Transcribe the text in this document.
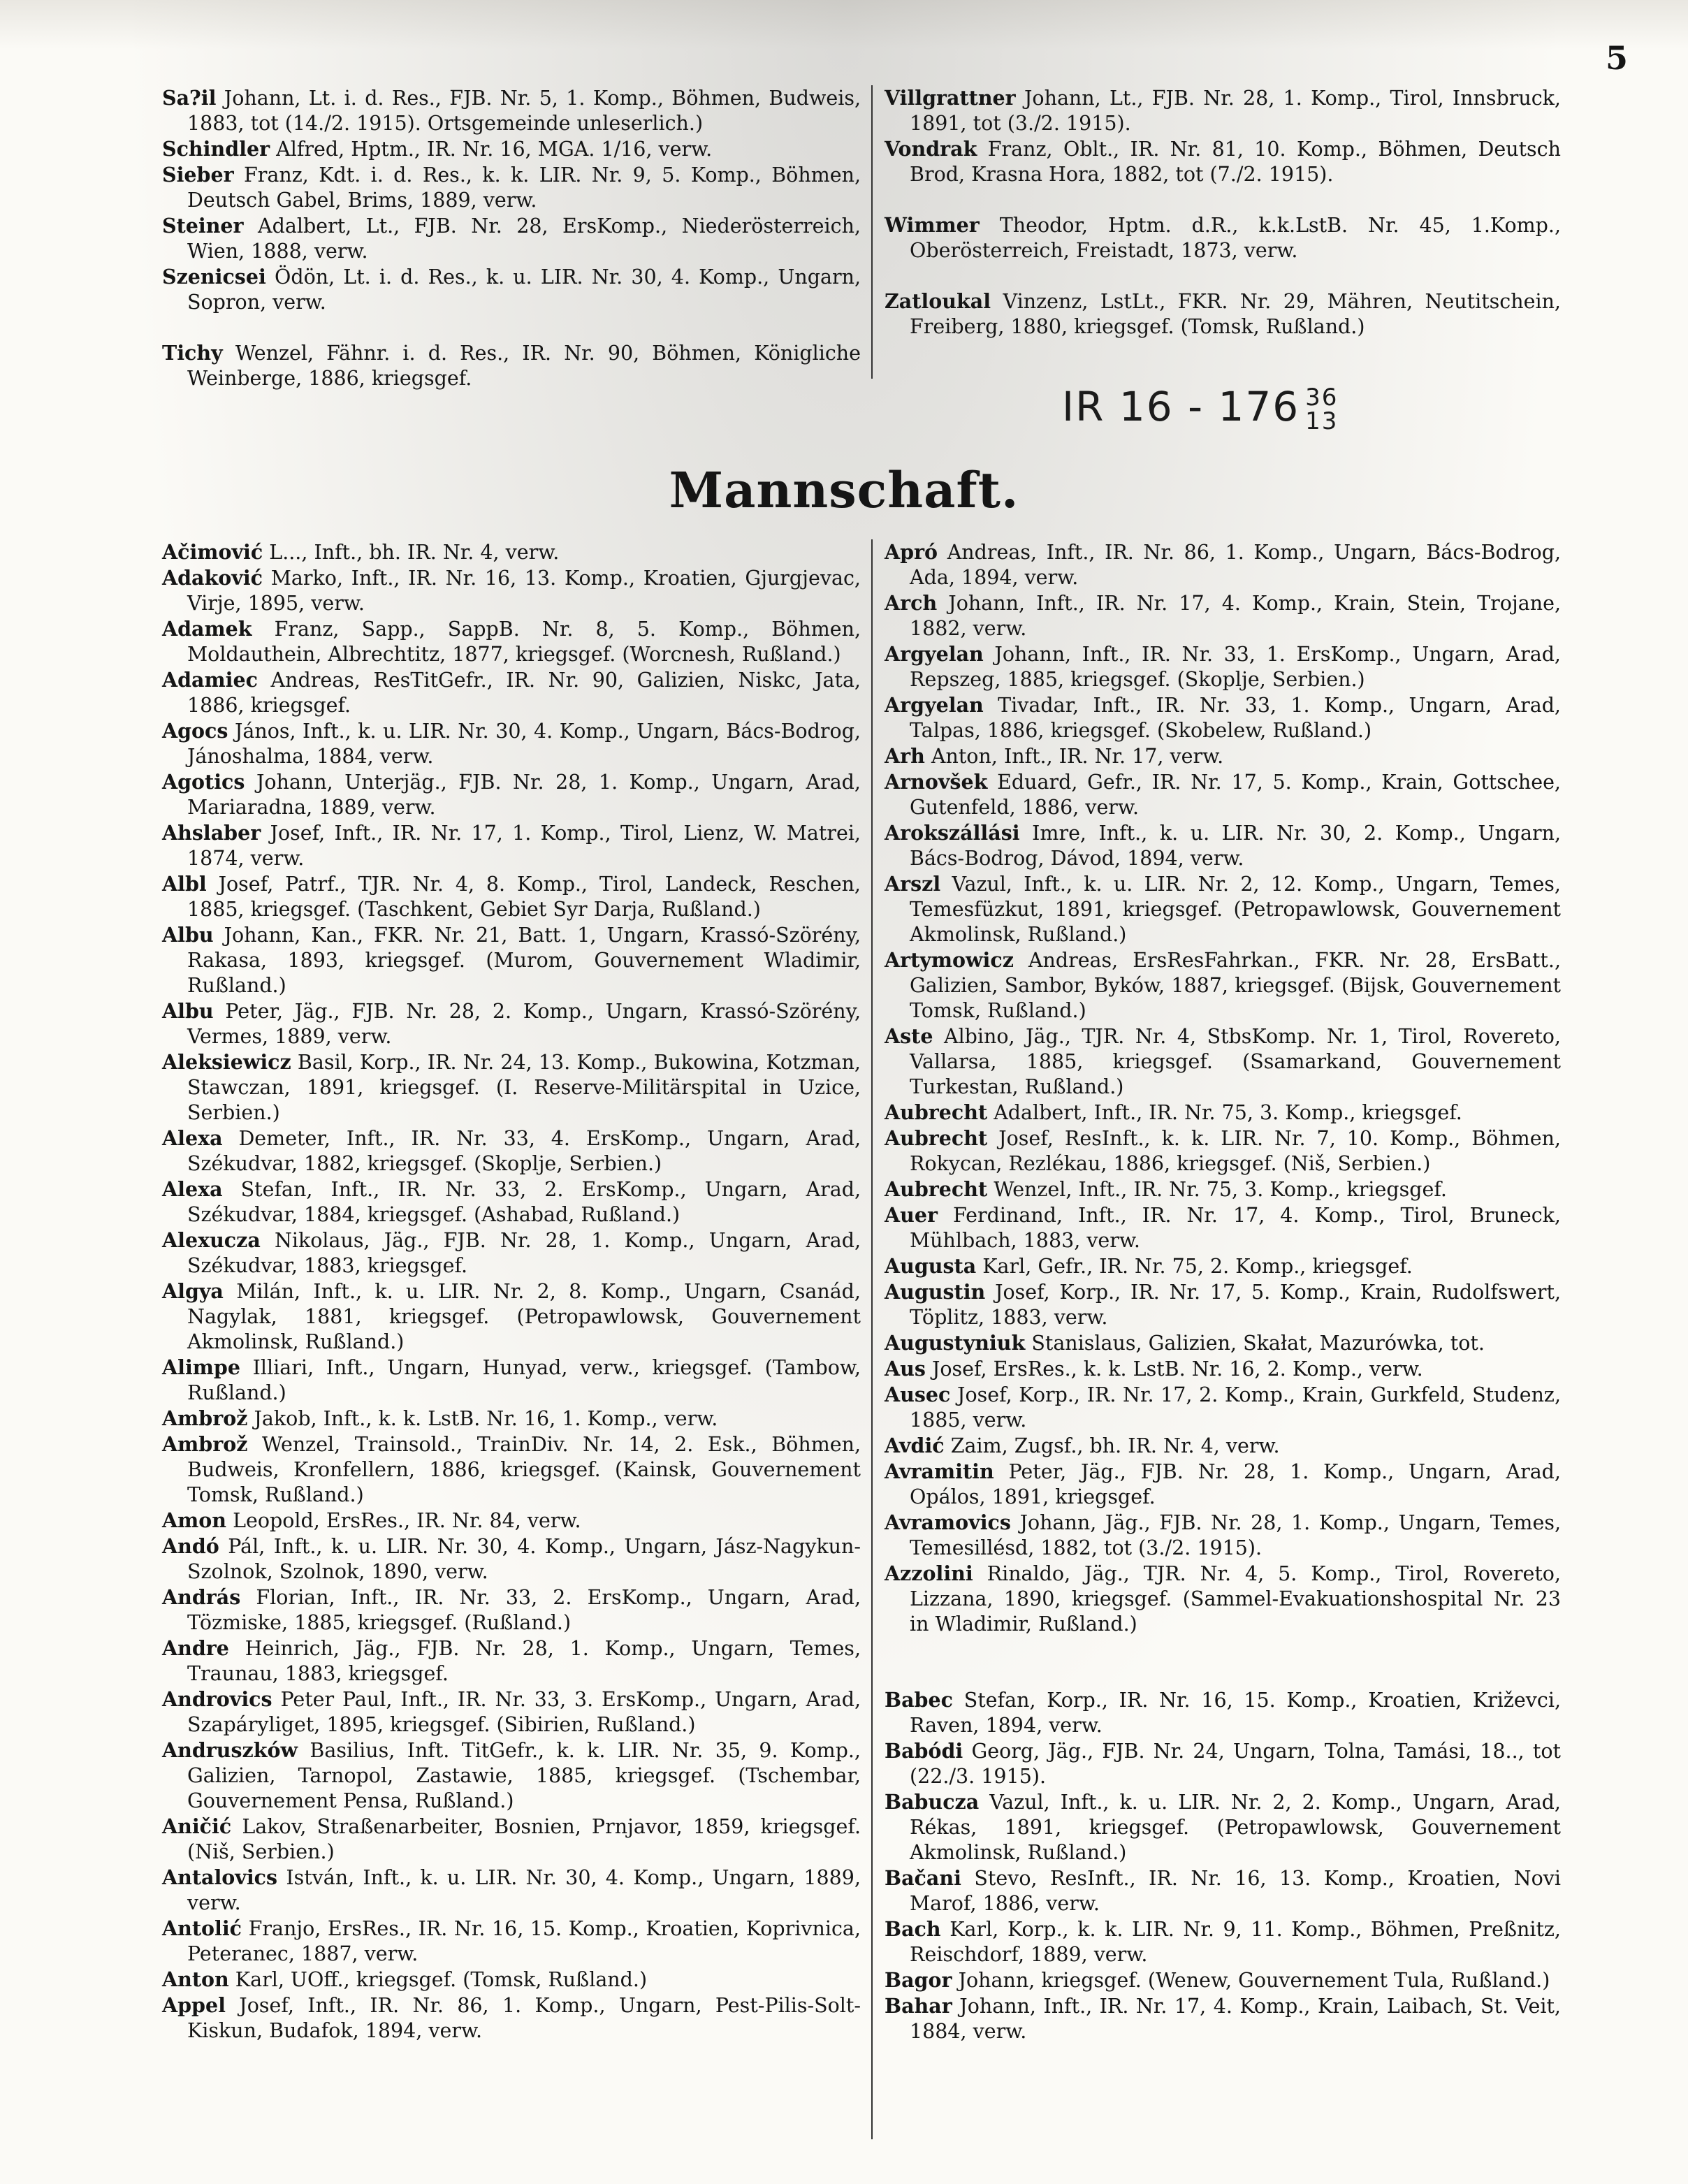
5
Sa?il Johann, Lt. i. d. Res., FJB. Nr. 5, 1. Komp., Böhmen, Budweis, 1883, tot (14./2. 1915). Ortsgemeinde unleserlich.)
Schindler Alfred, Hptm., IR. Nr. 16, MGA. 1/16, verw.
Sieber Franz, Kdt. i. d. Res., k. k. LIR. Nr. 9, 5. Komp., Böhmen, Deutsch Gabel, Brims, 1889, verw.
Steiner Adalbert, Lt., FJB. Nr. 28, ErsKomp., Niederösterreich, Wien, 1888, verw.
Szenicsei Ödön, Lt. i. d. Res., k. u. LIR. Nr. 30, 4. Komp., Ungarn, Sopron, verw.
Tichy Wenzel, Fähnr. i. d. Res., IR. Nr. 90, Böhmen, Königliche Weinberge, 1886, kriegsgef.
Villgrattner Johann, Lt., FJB. Nr. 28, 1. Komp., Tirol, Innsbruck, 1891, tot (3./2. 1915).
Vondrak Franz, Oblt., IR. Nr. 81, 10. Komp., Böhmen, Deutsch Brod, Krasna Hora, 1882, tot (7./2. 1915).
Wimmer Theodor, Hptm. d.R., k.k.LstB. Nr. 45, 1.Komp., Oberösterreich, Freistadt, 1873, verw.
Zatloukal Vinzenz, LstLt., FKR. Nr. 29, Mähren, Neutitschein, Freiberg, 1880, kriegsgef. (Tomsk, Rußland.)
IR 16 - 176 36
13
Mannschaft.
Ačimović L..., Inft., bh. IR. Nr. 4, verw.
Adaković Marko, Inft., IR. Nr. 16, 13. Komp., Kroatien, Gjurgjevac, Virje, 1895, verw.
Adamek Franz, Sapp., SappB. Nr. 8, 5. Komp., Böhmen, Moldauthein, Albrechtitz, 1877, kriegsgef. (Worcnesh, Rußland.)
Adamiec Andreas, ResTitGefr., IR. Nr. 90, Galizien, Niskc, Jata, 1886, kriegsgef.
Agocs János, Inft., k. u. LIR. Nr. 30, 4. Komp., Ungarn, Bács-Bodrog, Jánoshalma, 1884, verw.
Agotics Johann, Unterjäg., FJB. Nr. 28, 1. Komp., Ungarn, Arad, Mariaradna, 1889, verw.
Ahslaber Josef, Inft., IR. Nr. 17, 1. Komp., Tirol, Lienz, W. Matrei, 1874, verw.
Albl Josef, Patrf., TJR. Nr. 4, 8. Komp., Tirol, Landeck, Reschen, 1885, kriegsgef. (Taschkent, Gebiet Syr Darja, Rußland.)
Albu Johann, Kan., FKR. Nr. 21, Batt. 1, Ungarn, Krassó-Szörény, Rakasa, 1893, kriegsgef. (Murom, Gouvernement Wladimir, Rußland.)
Albu Peter, Jäg., FJB. Nr. 28, 2. Komp., Ungarn, Krassó-Szörény, Vermes, 1889, verw.
Aleksiewicz Basil, Korp., IR. Nr. 24, 13. Komp., Bukowina, Kotzman, Stawczan, 1891, kriegsgef. (I. Reserve-Militärspital in Uzice, Serbien.)
Alexa Demeter, Inft., IR. Nr. 33, 4. ErsKomp., Ungarn, Arad, Székudvar, 1882, kriegsgef. (Skoplje, Serbien.)
Alexa Stefan, Inft., IR. Nr. 33, 2. ErsKomp., Ungarn, Arad, Székudvar, 1884, kriegsgef. (Ashabad, Rußland.)
Alexucza Nikolaus, Jäg., FJB. Nr. 28, 1. Komp., Ungarn, Arad, Székudvar, 1883, kriegsgef.
Algya Milán, Inft., k. u. LIR. Nr. 2, 8. Komp., Ungarn, Csanád, Nagylak, 1881, kriegsgef. (Petropawlowsk, Gouvernement Akmolinsk, Rußland.)
Alimpe Illiari, Inft., Ungarn, Hunyad, verw., kriegsgef. (Tambow, Rußland.)
Ambrož Jakob, Inft., k. k. LstB. Nr. 16, 1. Komp., verw.
Ambrož Wenzel, Trainsold., TrainDiv. Nr. 14, 2. Esk., Böhmen, Budweis, Kronfellern, 1886, kriegsgef. (Kainsk, Gouvernement Tomsk, Rußland.)
Amon Leopold, ErsRes., IR. Nr. 84, verw.
Andó Pál, Inft., k. u. LIR. Nr. 30, 4. Komp., Ungarn, Jász-Nagykun-Szolnok, Szolnok, 1890, verw.
András Florian, Inft., IR. Nr. 33, 2. ErsKomp., Ungarn, Arad, Tözmiske, 1885, kriegsgef. (Rußland.)
Andre Heinrich, Jäg., FJB. Nr. 28, 1. Komp., Ungarn, Temes, Traunau, 1883, kriegsgef.
Androvics Peter Paul, Inft., IR. Nr. 33, 3. ErsKomp., Ungarn, Arad, Szapáryliget, 1895, kriegsgef. (Sibirien, Rußland.)
Andruszków Basilius, Inft. TitGefr., k. k. LIR. Nr. 35, 9. Komp., Galizien, Tarnopol, Zastawie, 1885, kriegsgef. (Tschembar, Gouvernement Pensa, Rußland.)
Aničić Lakov, Straßenarbeiter, Bosnien, Prnjavor, 1859, kriegsgef. (Niš, Serbien.)
Antalovics István, Inft., k. u. LIR. Nr. 30, 4. Komp., Ungarn, 1889, verw.
Antolić Franjo, ErsRes., IR. Nr. 16, 15. Komp., Kroatien, Koprivnica, Peteranec, 1887, verw.
Anton Karl, UOff., kriegsgef. (Tomsk, Rußland.)
Appel Josef, Inft., IR. Nr. 86, 1. Komp., Ungarn, Pest-Pilis-Solt-Kiskun, Budafok, 1894, verw.
Apró Andreas, Inft., IR. Nr. 86, 1. Komp., Ungarn, Bács-Bodrog, Ada, 1894, verw.
Arch Johann, Inft., IR. Nr. 17, 4. Komp., Krain, Stein, Trojane, 1882, verw.
Argyelan Johann, Inft., IR. Nr. 33, 1. ErsKomp., Ungarn, Arad, Repszeg, 1885, kriegsgef. (Skoplje, Serbien.)
Argyelan Tivadar, Inft., IR. Nr. 33, 1. Komp., Ungarn, Arad, Talpas, 1886, kriegsgef. (Skobelew, Rußland.)
Arh Anton, Inft., IR. Nr. 17, verw.
Arnovšek Eduard, Gefr., IR. Nr. 17, 5. Komp., Krain, Gottschee, Gutenfeld, 1886, verw.
Arokszállási Imre, Inft., k. u. LIR. Nr. 30, 2. Komp., Ungarn, Bács-Bodrog, Dávod, 1894, verw.
Arszl Vazul, Inft., k. u. LIR. Nr. 2, 12. Komp., Ungarn, Temes, Temesfüzkut, 1891, kriegsgef. (Petropawlowsk, Gouvernement Akmolinsk, Rußland.)
Artymowicz Andreas, ErsResFahrkan., FKR. Nr. 28, ErsBatt., Galizien, Sambor, Byków, 1887, kriegsgef. (Bijsk, Gouvernement Tomsk, Rußland.)
Aste Albino, Jäg., TJR. Nr. 4, StbsKomp. Nr. 1, Tirol, Rovereto, Vallarsa, 1885, kriegsgef. (Ssamarkand, Gouvernement Turkestan, Rußland.)
Aubrecht Adalbert, Inft., IR. Nr. 75, 3. Komp., kriegsgef.
Aubrecht Josef, ResInft., k. k. LIR. Nr. 7, 10. Komp., Böhmen, Rokycan, Rezlékau, 1886, kriegsgef. (Niš, Serbien.)
Aubrecht Wenzel, Inft., IR. Nr. 75, 3. Komp., kriegsgef.
Auer Ferdinand, Inft., IR. Nr. 17, 4. Komp., Tirol, Bruneck, Mühlbach, 1883, verw.
Augusta Karl, Gefr., IR. Nr. 75, 2. Komp., kriegsgef.
Augustin Josef, Korp., IR. Nr. 17, 5. Komp., Krain, Rudolfswert, Töplitz, 1883, verw.
Augustyniuk Stanislaus, Galizien, Skałat, Mazurówka, tot.
Aus Josef, ErsRes., k. k. LstB. Nr. 16, 2. Komp., verw.
Ausec Josef, Korp., IR. Nr. 17, 2. Komp., Krain, Gurkfeld, Studenz, 1885, verw.
Avdić Zaim, Zugsf., bh. IR. Nr. 4, verw.
Avramitin Peter, Jäg., FJB. Nr. 28, 1. Komp., Ungarn, Arad, Opálos, 1891, kriegsgef.
Avramovics Johann, Jäg., FJB. Nr. 28, 1. Komp., Ungarn, Temes, Temesillésd, 1882, tot (3./2. 1915).
Azzolini Rinaldo, Jäg., TJR. Nr. 4, 5. Komp., Tirol, Rovereto, Lizzana, 1890, kriegsgef. (Sammel-Evakuationshospital Nr. 23 in Wladimir, Rußland.)
Babec Stefan, Korp., IR. Nr. 16, 15. Komp., Kroatien, Križevci, Raven, 1894, verw.
Babódi Georg, Jäg., FJB. Nr. 24, Ungarn, Tolna, Tamási, 18.., tot (22./3. 1915).
Babucza Vazul, Inft., k. u. LIR. Nr. 2, 2. Komp., Ungarn, Arad, Rékas, 1891, kriegsgef. (Petropawlowsk, Gouvernement Akmolinsk, Rußland.)
Bačani Stevo, ResInft., IR. Nr. 16, 13. Komp., Kroatien, Novi Marof, 1886, verw.
Bach Karl, Korp., k. k. LIR. Nr. 9, 11. Komp., Böhmen, Preßnitz, Reischdorf, 1889, verw.
Bagor Johann, kriegsgef. (Wenew, Gouvernement Tula, Rußland.)
Bahar Johann, Inft., IR. Nr. 17, 4. Komp., Krain, Laibach, St. Veit, 1884, verw.
